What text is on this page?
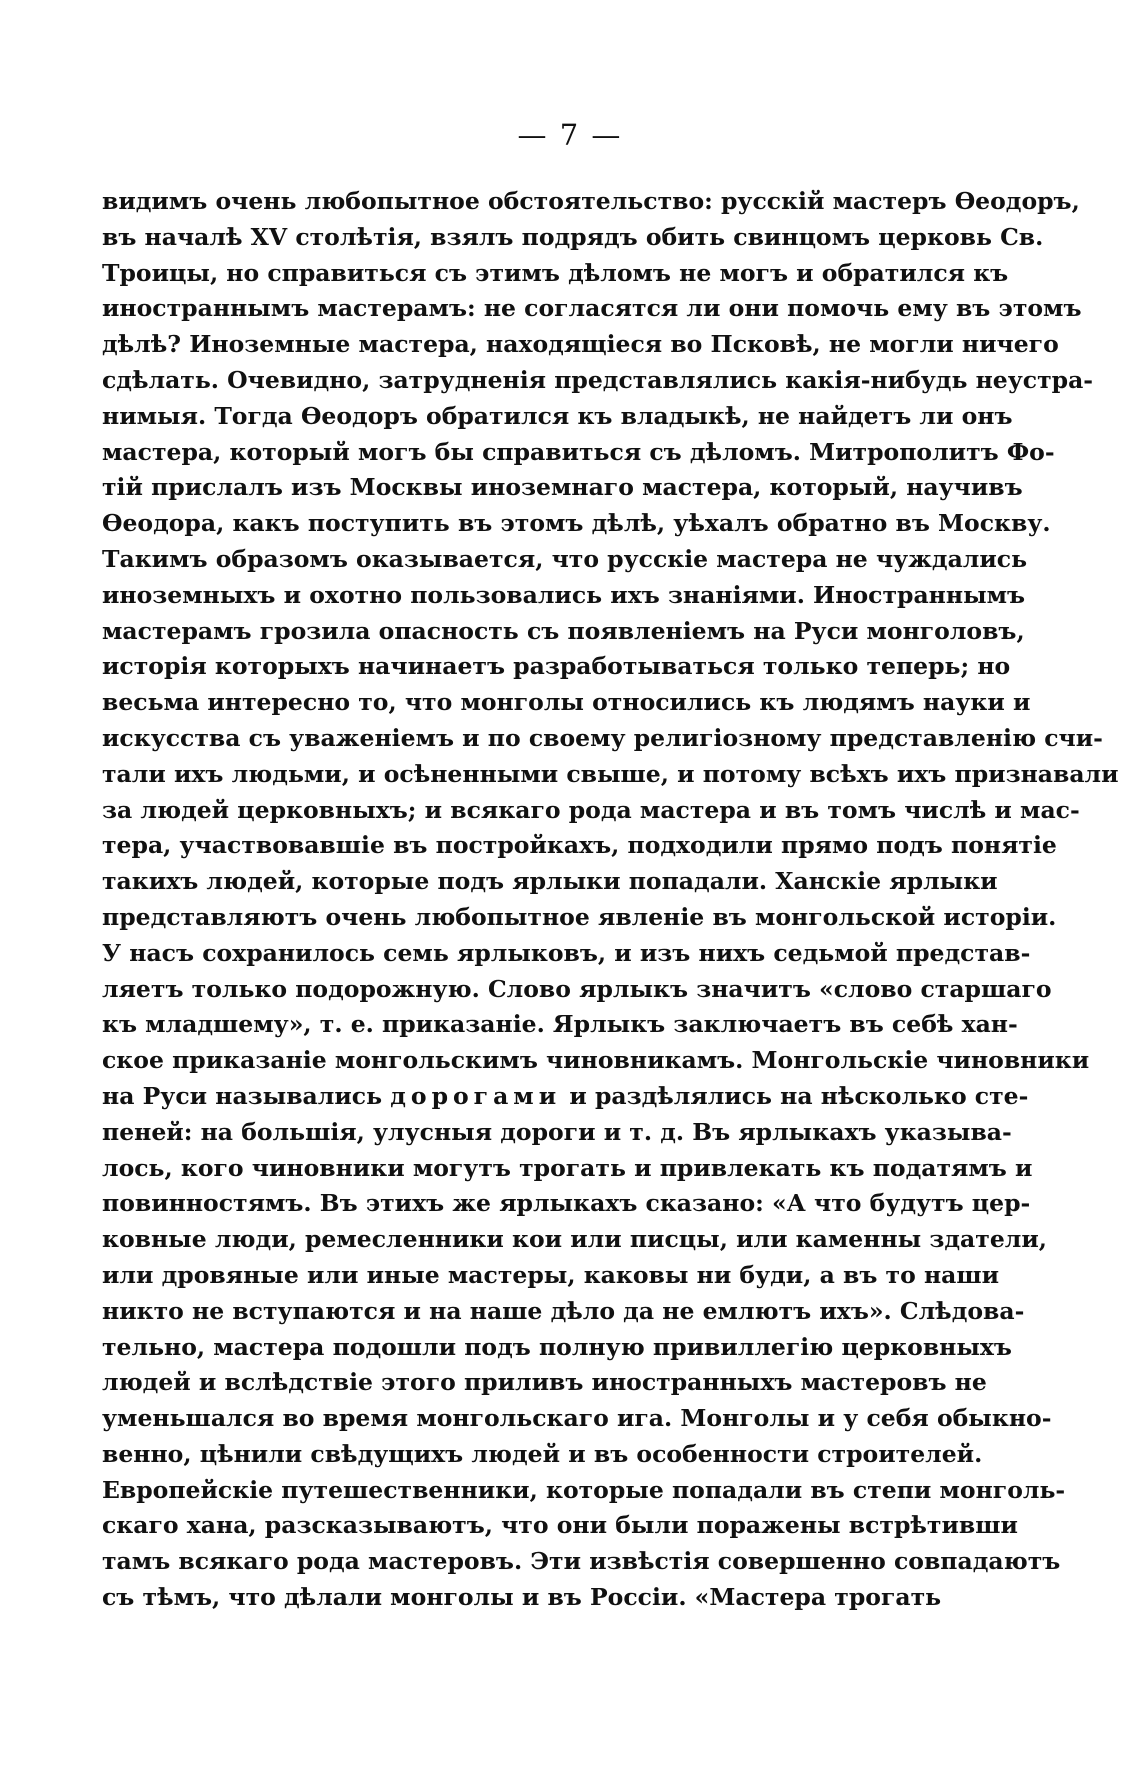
— 7 —
видимъ очень любопытное обстоятельство: русскій мастеръ Ѳеодоръ,
въ началѣ XV столѣтія, взялъ подрядъ обить свинцомъ церковь Св.
Троицы, но справиться съ этимъ дѣломъ не могъ и обратился къ
иностраннымъ мастерамъ: не согласятся ли они помочь ему въ этомъ
дѣлѣ? Иноземные мастера, находящіеся во Псковѣ, не могли ничего
сдѣлать. Очевидно, затрудненія представлялись какія-нибудь неустра-
нимыя. Тогда Ѳеодоръ обратился къ владыкѣ, не найдетъ ли онъ
мастера, который могъ бы справиться съ дѣломъ. Митрополитъ Фо-
тій прислалъ изъ Москвы иноземнаго мастера, который, научивъ
Ѳеодора, какъ поступить въ этомъ дѣлѣ, уѣхалъ обратно въ Москву.
Такимъ образомъ оказывается, что русскіе мастера не чуждались
иноземныхъ и охотно пользовались ихъ знаніями. Иностраннымъ
мастерамъ грозила опасность съ появленіемъ на Руси монголовъ,
исторія которыхъ начинаетъ разработываться только теперь; но
весьма интересно то, что монголы относились къ людямъ науки и
искусства съ уваженіемъ и по своему религіозному представленію счи-
тали ихъ людьми, и осѣненными свыше, и потому всѣхъ ихъ признавали
за людей церковныхъ; и всякаго рода мастера и въ томъ числѣ и мас-
тера, участвовавшіе въ постройкахъ, подходили прямо подъ понятіе
такихъ людей, которые подъ ярлыки попадали. Ханскіе ярлыки
представляютъ очень любопытное явленіе въ монгольской исторіи.
У насъ сохранилось семь ярлыковъ, и изъ нихъ седьмой представ-
ляетъ только подорожную. Слово ярлыкъ значитъ «слово старшаго
къ младшему», т. е. приказаніе. Ярлыкъ заключаетъ въ себѣ хан-
ское приказаніе монгольскимъ чиновникамъ. Монгольскіе чиновники
на Руси назывались дорогами и раздѣлялись на нѣсколько сте-
пеней: на большія, улусныя дороги и т. д. Въ ярлыкахъ указыва-
лось, кого чиновники могутъ трогать и привлекать къ податямъ и
повинностямъ. Въ этихъ же ярлыкахъ сказано: «А что будутъ цер-
ковные люди, ремесленники кои или писцы, или каменны здатели,
или дровяные или иные мастеры, каковы ни буди, а въ то наши
никто не вступаются и на наше дѣло да не емлютъ ихъ». Слѣдова-
тельно, мастера подошли подъ полную привиллегію церковныхъ
людей и вслѣдствіе этого приливъ иностранныхъ мастеровъ не
уменьшался во время монгольскаго ига. Монголы и у себя обыкно-
венно, цѣнили свѣдущихъ людей и въ особенности строителей.
Европейскіе путешественники, которые попадали въ степи монголь-
скаго хана, разсказываютъ, что они были поражены встрѣтивши
тамъ всякаго рода мастеровъ. Эти извѣстія совершенно совпадаютъ
съ тѣмъ, что дѣлали монголы и въ Россіи. «Мастера трогать
